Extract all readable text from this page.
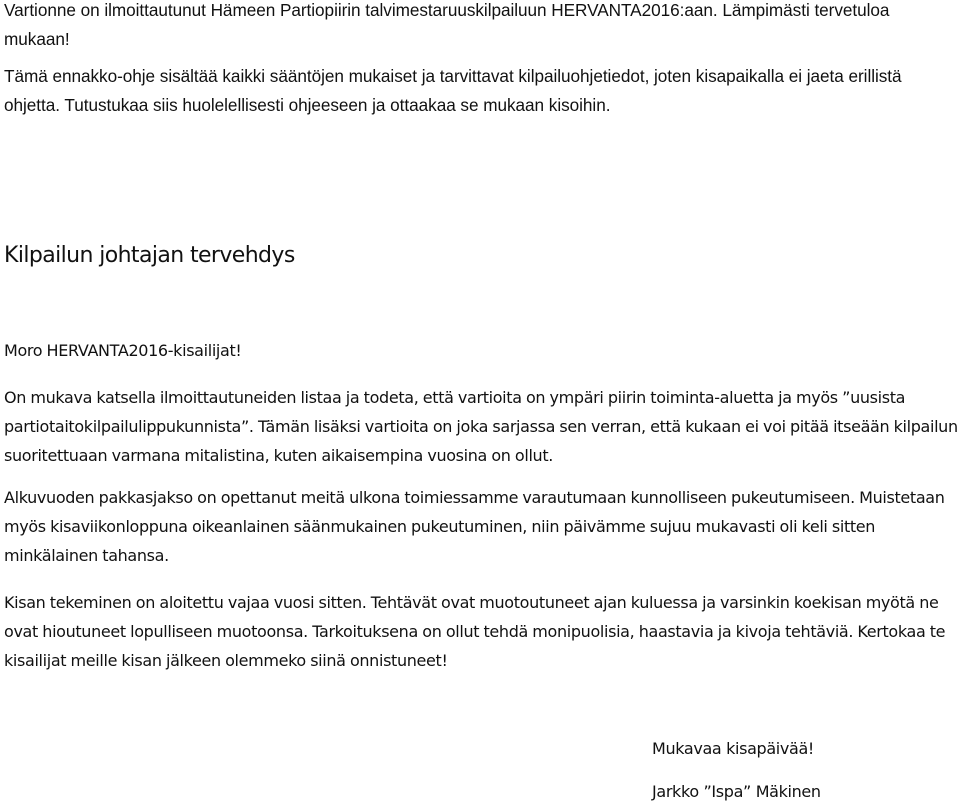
Vartionne on ilmoittautunut Hämeen Partiopiirin talvimestaruuskilpailuun HERVANTA2016:aan. Lämpimästi tervetuloa mukaan!

Tämä ennakko-ohje sisältää kaikki sääntöjen mukaiset ja tarvittavat kilpailuohjetiedot, joten kisapaikalla ei jaeta erillistä ohjetta. Tutustukaa siis huolelellisesti ohjeeseen ja ottaakaa se mukaan kisoihin.

Kilpailun johtajan tervehdys

Moro HERVANTA2016-kisailijat!

On mukava katsella ilmoittautuneiden listaa ja todeta, että vartioita on ympäri piirin toiminta-aluetta ja myös ”uusista partiotaitokilpailulippukunnista”. Tämän lisäksi vartioita on joka sarjassa sen verran, että kukaan ei voi pitää itseään kilpailun suoritettuaan varmana mitalistina, kuten aikaisempina vuosina on ollut.

Alkuvuoden pakkasjakso on opettanut meitä ulkona toimiessamme varautumaan kunnolliseen pukeutumiseen. Muistetaan myös kisaviikonloppuna oikeanlainen säänmukainen pukeutuminen, niin päivämme sujuu mukavasti oli keli sitten minkälainen tahansa.

Kisan tekeminen on aloitettu vajaa vuosi sitten. Tehtävät ovat muotoutuneet ajan kuluessa ja varsinkin koekisan myötä ne ovat hioutuneet lopulliseen muotoonsa. Tarkoituksena on ollut tehdä monipuolisia, haastavia ja kivoja tehtäviä. Kertokaa te kisailijat meille kisan jälkeen olemmeko siinä onnistuneet!

Mukavaa kisapäivää!

Jarkko ”Ispa” Mäkinen
